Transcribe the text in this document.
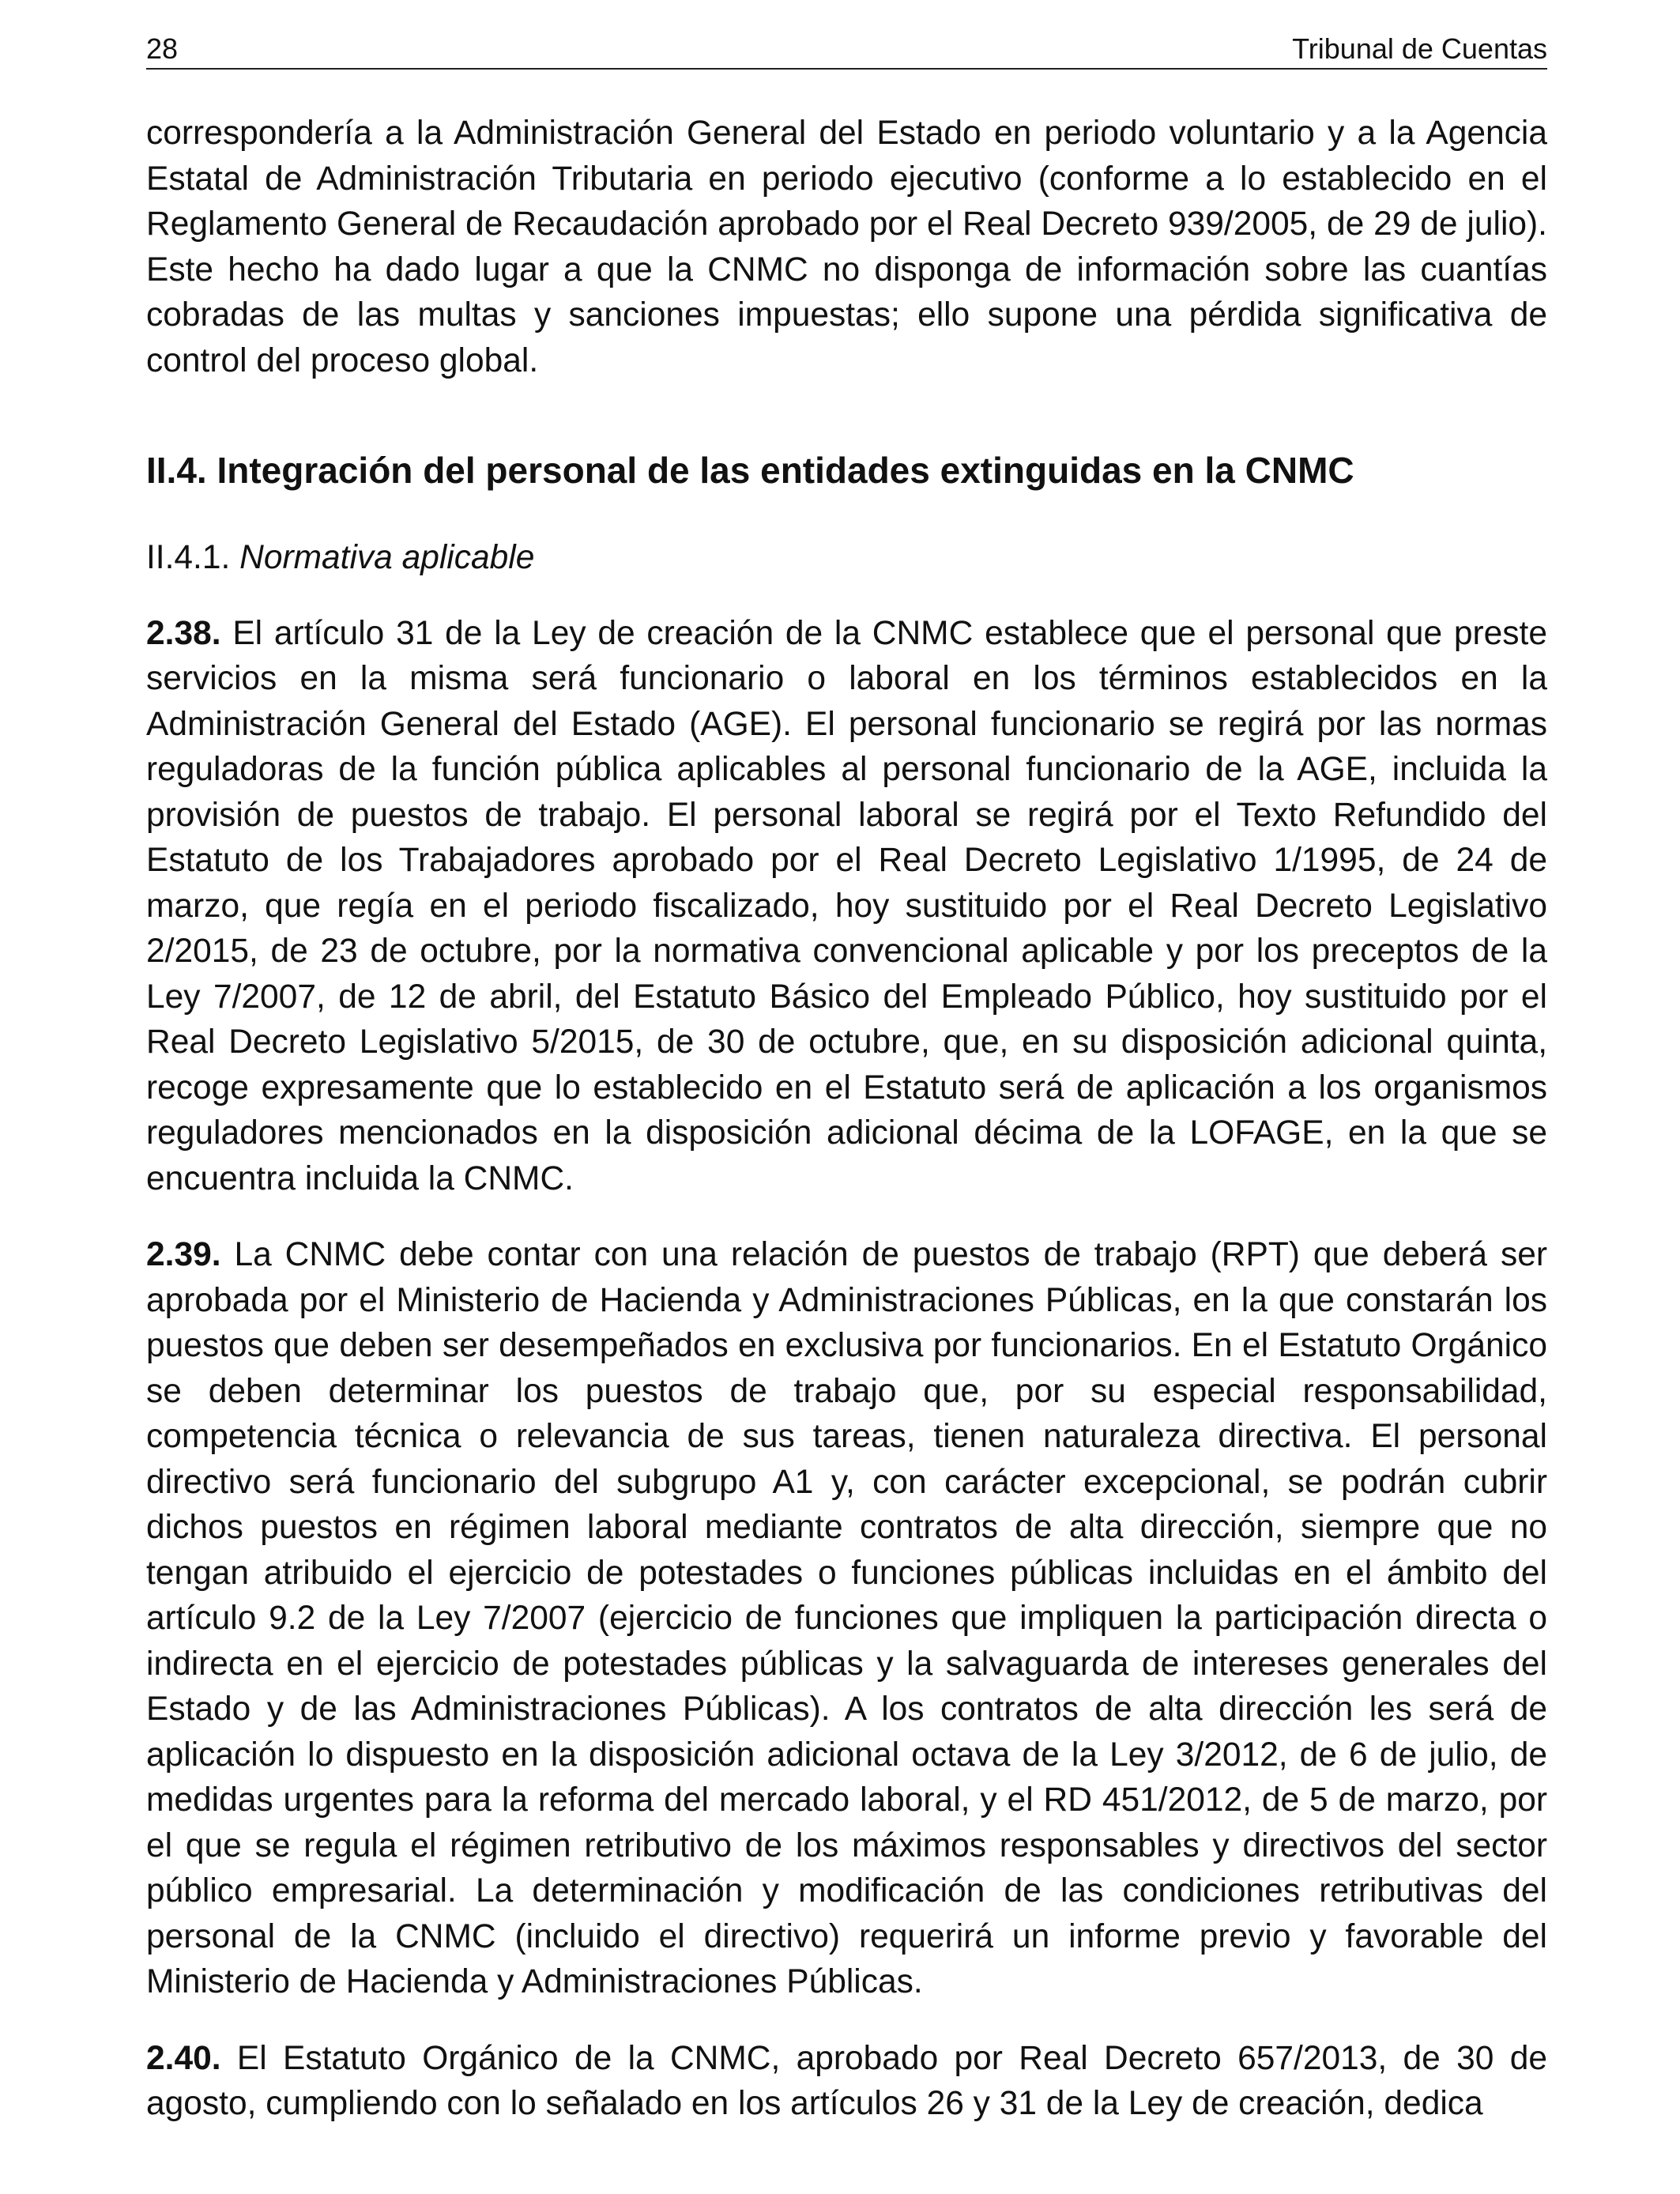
28	Tribunal de Cuentas

correspondería a la Administración General del Estado en periodo voluntario y a la Agencia Estatal de Administración Tributaria en periodo ejecutivo (conforme a lo establecido en el Reglamento General de Recaudación aprobado por el Real Decreto 939/2005, de 29 de julio). Este hecho ha dado lugar a que la CNMC no disponga de información sobre las cuantías cobradas de las multas y sanciones impuestas; ello supone una pérdida significativa de control del proceso global.

II.4. Integración del personal de las entidades extinguidas en la CNMC

II.4.1. Normativa aplicable

2.38. El artículo 31 de la Ley de creación de la CNMC establece que el personal que preste servicios en la misma será funcionario o laboral en los términos establecidos en la Administración General del Estado (AGE). El personal funcionario se regirá por las normas reguladoras de la función pública aplicables al personal funcionario de la AGE, incluida la provisión de puestos de trabajo. El personal laboral se regirá por el Texto Refundido del Estatuto de los Trabajadores aprobado por el Real Decreto Legislativo 1/1995, de 24 de marzo, que regía en el periodo fiscalizado, hoy sustituido por el Real Decreto Legislativo 2/2015, de 23 de octubre, por la normativa convencional aplicable y por los preceptos de la Ley 7/2007, de 12 de abril, del Estatuto Básico del Empleado Público, hoy sustituido por el Real Decreto Legislativo 5/2015, de 30 de octubre, que, en su disposición adicional quinta, recoge expresamente que lo establecido en el Estatuto será de aplicación a los organismos reguladores mencionados en la disposición adicional décima de la LOFAGE, en la que se encuentra incluida la CNMC.

2.39. La CNMC debe contar con una relación de puestos de trabajo (RPT) que deberá ser aprobada por el Ministerio de Hacienda y Administraciones Públicas, en la que constarán los puestos que deben ser desempeñados en exclusiva por funcionarios. En el Estatuto Orgánico se deben determinar los puestos de trabajo que, por su especial responsabilidad, competencia técnica o relevancia de sus tareas, tienen naturaleza directiva. El personal directivo será funcionario del subgrupo A1 y, con carácter excepcional, se podrán cubrir dichos puestos en régimen laboral mediante contratos de alta dirección, siempre que no tengan atribuido el ejercicio de potestades o funciones públicas incluidas en el ámbito del artículo 9.2 de la Ley 7/2007 (ejercicio de funciones que impliquen la participación directa o indirecta en el ejercicio de potestades públicas y la salvaguarda de intereses generales del Estado y de las Administraciones Públicas). A los contratos de alta dirección les será de aplicación lo dispuesto en la disposición adicional octava de la Ley 3/2012, de 6 de julio, de medidas urgentes para la reforma del mercado laboral, y el RD 451/2012, de 5 de marzo, por el que se regula el régimen retributivo de los máximos responsables y directivos del sector público empresarial. La determinación y modificación de las condiciones retributivas del personal de la CNMC (incluido el directivo) requerirá un informe previo y favorable del Ministerio de Hacienda y Administraciones Públicas.

2.40. El Estatuto Orgánico de la CNMC, aprobado por Real Decreto 657/2013, de 30 de agosto, cumpliendo con lo señalado en los artículos 26 y 31 de la Ley de creación, dedica
